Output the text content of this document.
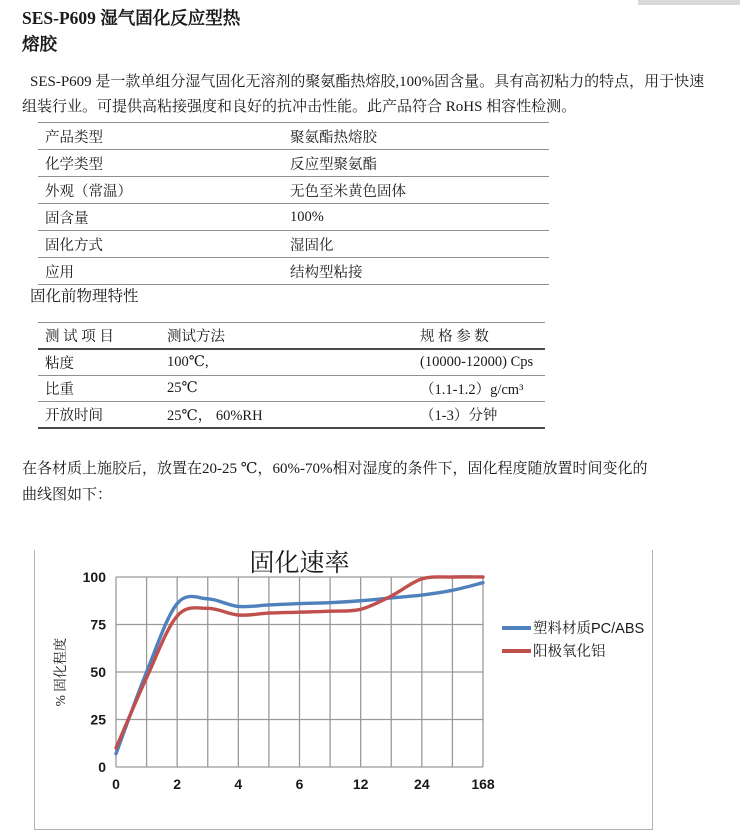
SES-P609 湿气固化反应型热
熔胶
SES-P609 是一款单组分湿气固化无溶剂的聚氨酯热熔胶,100%固含量。具有高初粘力的特点，用于快速
组装行业。可提供高粘接强度和良好的抗冲击性能。此产品符合 RoHS 相容性检测。
产品类型	聚氨酯热熔胶
化学类型	反应型聚氨酯
外观（常温）	无色至米黄色固体
固含量	100%
固化方式	湿固化
应用	结构型粘接
固化前物理特性
测 试 项 目	测试方法	规 格 参 数
粘度	100℃,	(10000-12000) Cps
比重	25℃	（1.1-1.2）g/cm³
开放时间	25℃， 60%RH	（1-3）分钟
在各材质上施胶后，放置在20-25 ℃，60%-70%相对湿度的条件下，固化程度随放置时间变化的
曲线图如下：
0
25
50
75
100
0	2	4	6	12	24	168
固化速率
% 固化程度
塑料材质PC/ABS
阳极氧化铝
